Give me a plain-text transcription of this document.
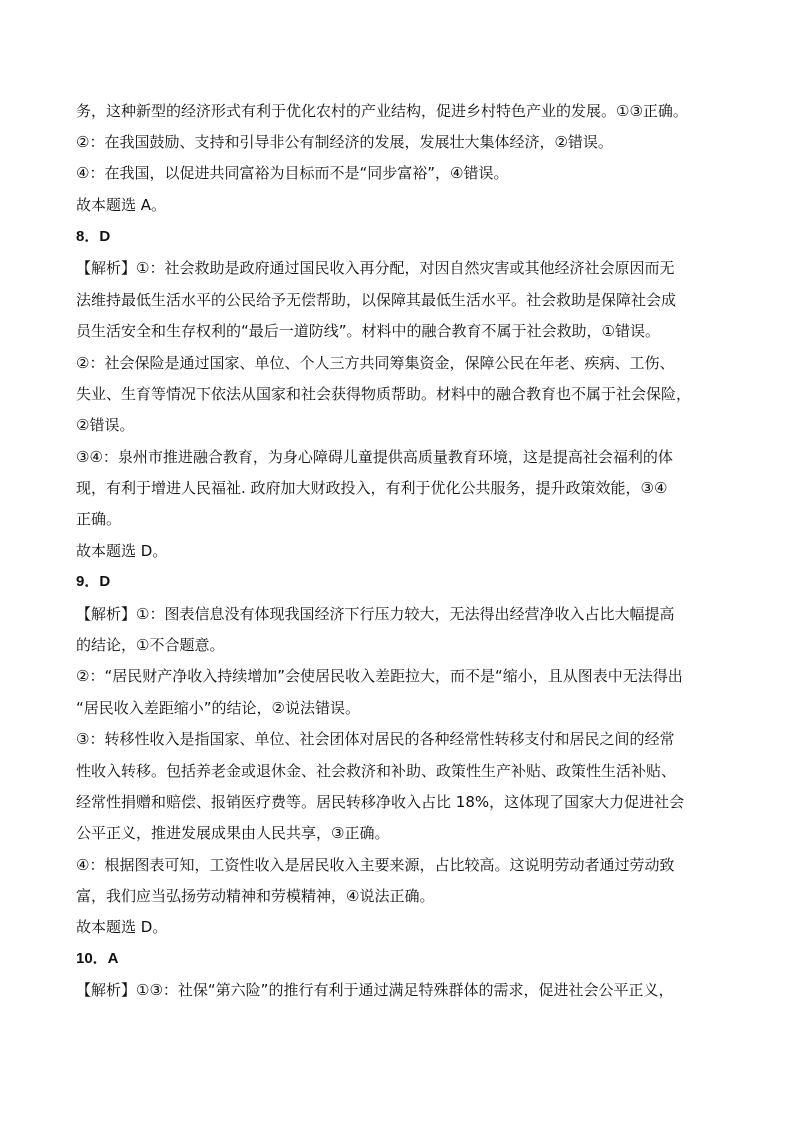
务，这种新型的经济形式有利于优化农村的产业结构，促进乡村特色产业的发展。①③正确。
②：在我国鼓励、支持和引导非公有制经济的发展，发展壮大集体经济，②错误。
④：在我国，以促进共同富裕为目标而不是“同步富裕”，④错误。
故本题选 A。
8．D
【解析】①：社会救助是政府通过国民收入再分配，对因自然灾害或其他经济社会原因而无
法维持最低生活水平的公民给予无偿帮助，以保障其最低生活水平。社会救助是保障社会成
员生活安全和生存权利的“最后一道防线”。材料中的融合教育不属于社会救助，①错误。
②：社会保险是通过国家、单位、个人三方共同筹集资金，保障公民在年老、疾病、工伤、
失业、生育等情况下依法从国家和社会获得物质帮助。材料中的融合教育也不属于社会保险，
②错误。
③④：泉州市推进融合教育，为身心障碍儿童提供高质量教育环境，这是提高社会福利的体
现，有利于增进人民福祉. 政府加大财政投入，有利于优化公共服务，提升政策效能，③④
正确。
故本题选 D。
9．D
【解析】①：图表信息没有体现我国经济下行压力较大，无法得出经营净收入占比大幅提高
的结论，①不合题意。
②：“居民财产净收入持续增加”会使居民收入差距拉大，而不是“缩小，且从图表中无法得出
“居民收入差距缩小”的结论，②说法错误。
③：转移性收入是指国家、单位、社会团体对居民的各种经常性转移支付和居民之间的经常
性收入转移。包括养老金或退休金、社会救济和补助、政策性生产补贴、政策性生活补贴、
经常性捐赠和赔偿、报销医疗费等。居民转移净收入占比 18%，这体现了国家大力促进社会
公平正义，推进发展成果由人民共享，③正确。
④：根据图表可知，工资性收入是居民收入主要来源，占比较高。这说明劳动者通过劳动致
富，我们应当弘扬劳动精神和劳模精神，④说法正确。
故本题选 D。
10．A
【解析】①③：社保“第六险”的推行有利于通过满足特殊群体的需求，促进社会公平正义，
